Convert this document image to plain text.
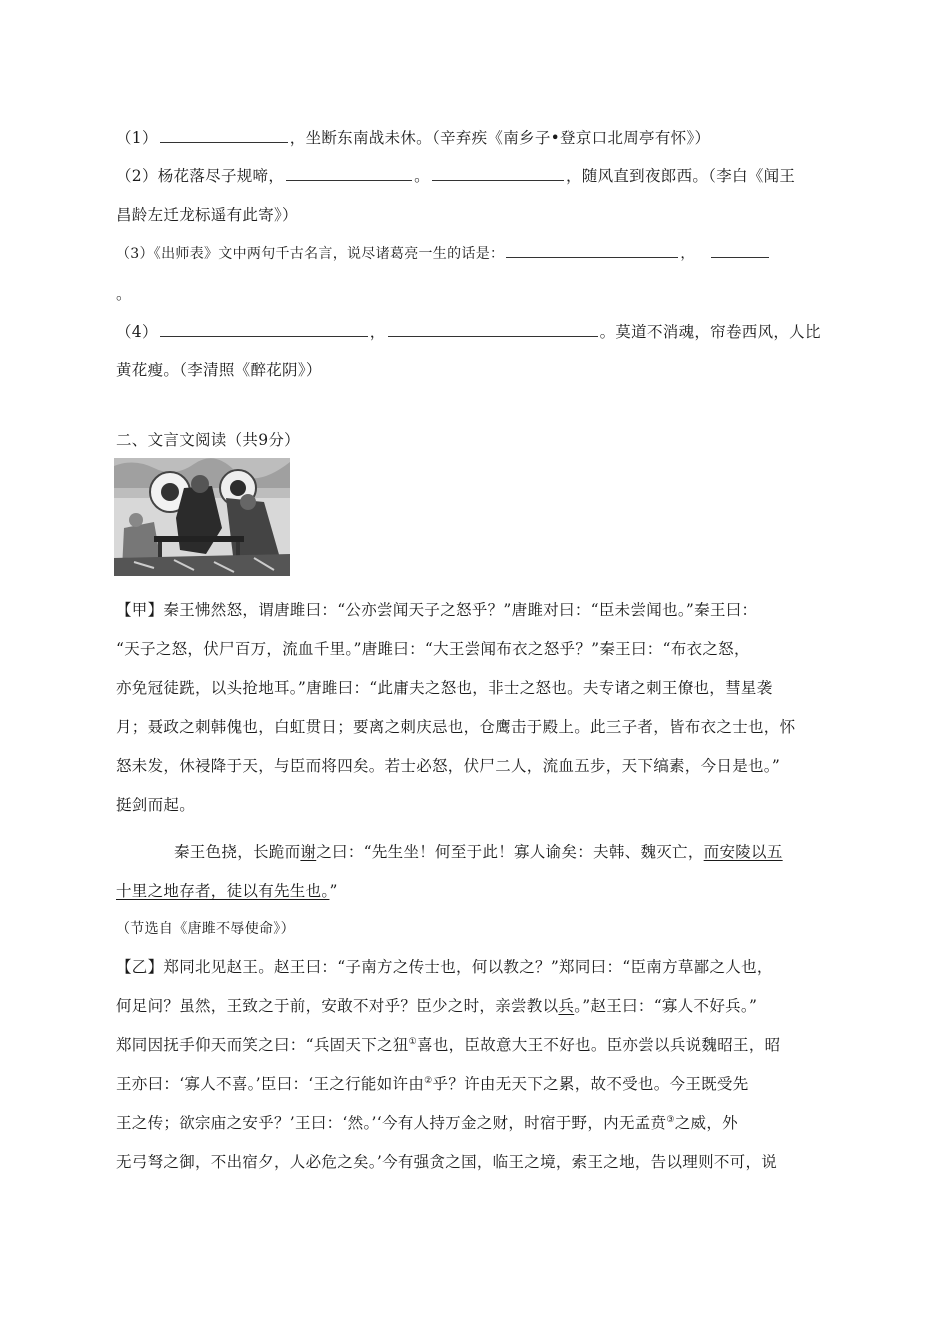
（1）	，坐断东南战未休。（辛弃疾《南乡子•登京口北周亭有怀》）
（2）杨花落尽子规啼，	。	，随风直到夜郎西。（李白《闻王
昌龄左迁龙标遥有此寄》）
（3）《出师表》文中两句千古名言，说尽诸葛亮一生的话是：	，
。
（4）	，	。莫道不消魂，帘卷西风，人比
黄花瘦。（李清照《醉花阴》）
二、文言文阅读（共9分）
【甲】秦王怫然怒，谓唐雎曰：“公亦尝闻天子之怒乎？”唐雎对曰：“臣未尝闻也。”秦王曰：
“天子之怒，伏尸百万，流血千里。”唐雎曰：“大王尝闻布衣之怒乎？”秦王曰：“布衣之怒，
亦免冠徒跣，以头抢地耳。”唐雎曰：“此庸夫之怒也，非士之怒也。夫专诸之刺王僚也，彗星袭
月；聂政之刺韩傀也，白虹贯日；要离之刺庆忌也，仓鹰击于殿上。此三子者，皆布衣之士也，怀
怒未发，休祲降于天，与臣而将四矣。若士必怒，伏尸二人，流血五步，天下缟素，今日是也。”
挺剑而起。
秦王色挠，长跪而谢之曰：“先生坐！何至于此！寡人谕矣：夫韩、魏灭亡，而安陵以五
十里之地存者，徒以有先生也。”
（节选自《唐雎不辱使命》）
【乙】郑同北见赵王。赵王曰：“子南方之传士也，何以教之？”郑同曰：“臣南方草鄙之人也，
何足问？虽然，王致之于前，安敢不对乎？臣少之时，亲尝教以兵。”赵王曰：“寡人不好兵。”
郑同因抚手仰天而笑之曰：“兵固天下之狃①喜也，臣故意大王不好也。臣亦尝以兵说魏昭王，昭
王亦曰：‘寡人不喜。’臣曰：‘王之行能如许由②乎？许由无天下之累，故不受也。今王既受先
王之传；欲宗庙之安乎？’王曰：‘然。’‘今有人持万金之财，时宿于野，内无孟贲③之威，外
无弓弩之御，不出宿夕，人必危之矣。’今有强贪之国，临王之境，索王之地，告以理则不可，说
